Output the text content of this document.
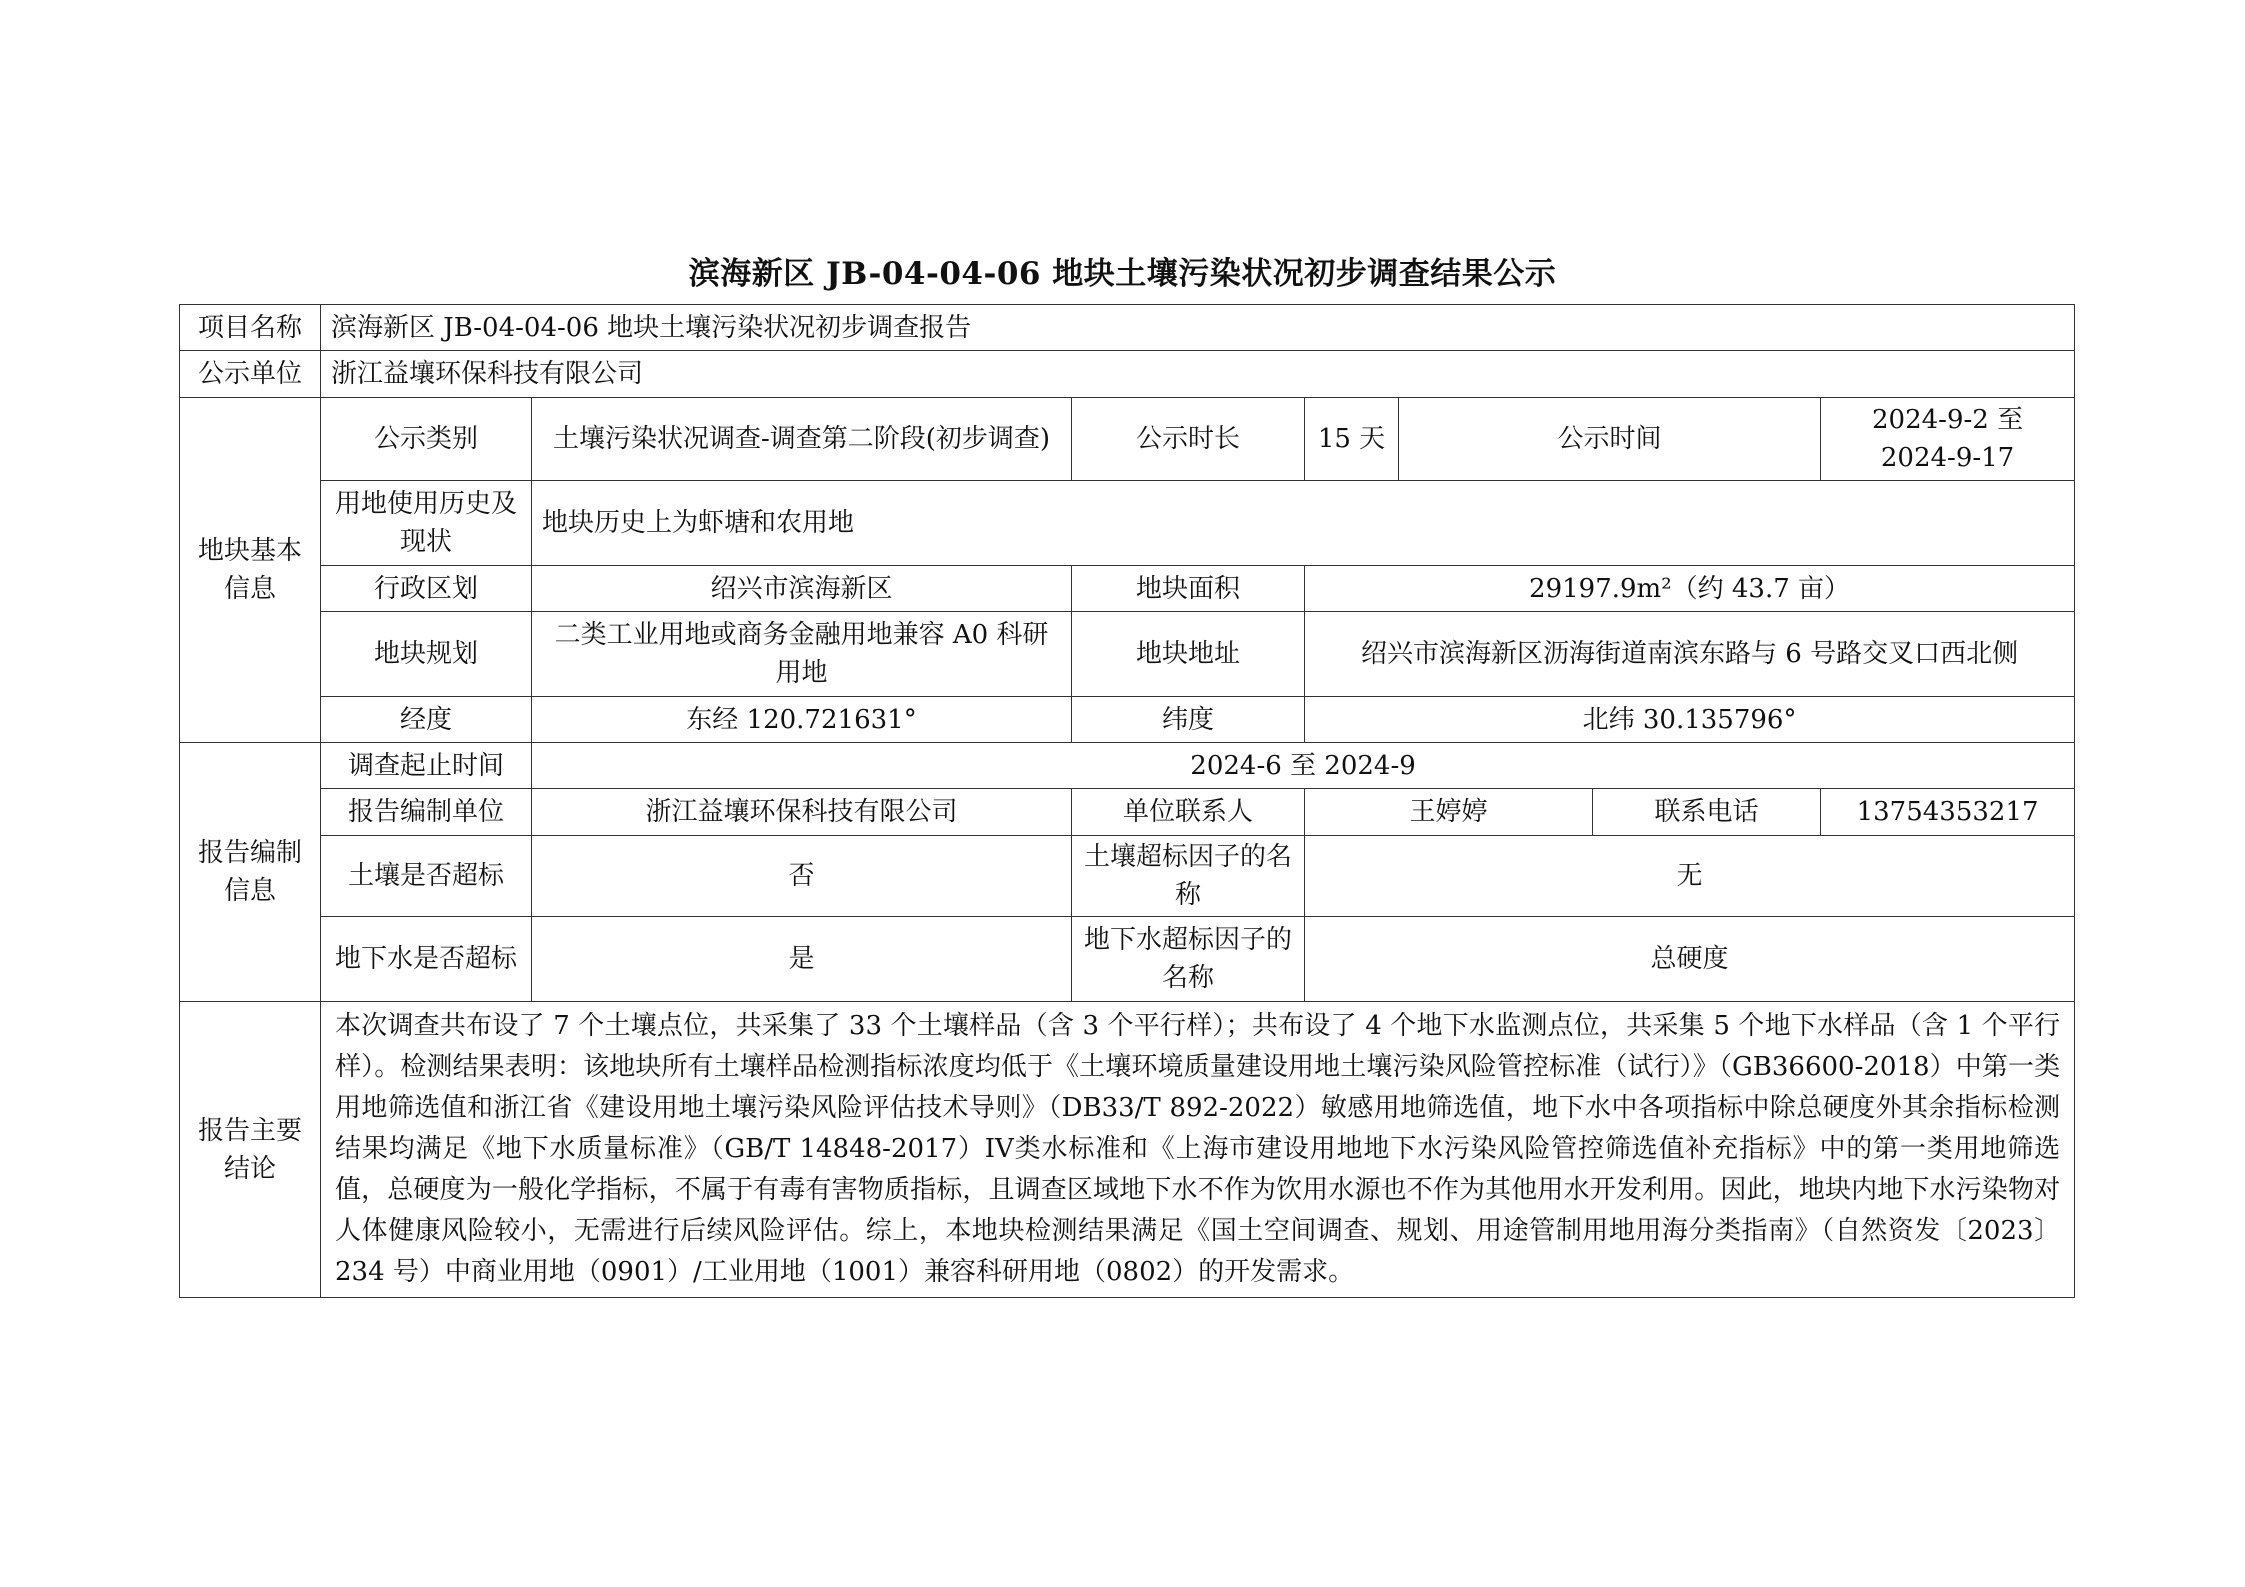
滨海新区 JB-04-04-06 地块土壤污染状况初步调查结果公示
项目名称	滨海新区 JB-04-04-06 地块土壤污染状况初步调查报告						
公示单位	浙江益壤环保科技有限公司						
地块基本信息	公示类别	土壤污染状况调查-调查第二阶段(初步调查)	公示时长	15 天	公示时间		2024-9-2 至 2024-9-17
	用地使用历史及现状	地块历史上为虾塘和农用地					
	行政区划	绍兴市滨海新区	地块面积	29197.9m²（约 43.7 亩）			
	地块规划	二类工业用地或商务金融用地兼容 A0 科研用地	地块地址	绍兴市滨海新区沥海街道南滨东路与 6 号路交叉口西北侧			
	经度	东经 120.721631°	纬度	北纬 30.135796°			
报告编制信息	调查起止时间	2024-6 至 2024-9					
	报告编制单位	浙江益壤环保科技有限公司	单位联系人	王婷婷		联系电话	13754353217
	土壤是否超标	否	土壤超标因子的名称	无			
	地下水是否超标	是	地下水超标因子的名称	总硬度			
报告主要结论	本次调查共布设了 7 个土壤点位，共采集了 33 个土壤样品（含 3 个平行样）；共布设了 4 个地下水监测点位，共采集 5 个地下水样品（含 1 个平行样）。检测结果表明：该地块所有土壤样品检测指标浓度均低于《土壤环境质量建设用地土壤污染风险管控标准（试行）》（GB36600-2018）中第一类用地筛选值和浙江省《建设用地土壤污染风险评估技术导则》（DB33/T 892-2022）敏感用地筛选值，地下水中各项指标中除总硬度外其余指标检测结果均满足《地下水质量标准》（GB/T 14848-2017）IV类水标准和《上海市建设用地地下水污染风险管控筛选值补充指标》中的第一类用地筛选值，总硬度为一般化学指标，不属于有毒有害物质指标，且调查区域地下水不作为饮用水源也不作为其他用水开发利用。因此，地块内地下水污染物对人体健康风险较小，无需进行后续风险评估。综上，本地块检测结果满足《国土空间调查、规划、用途管制用地用海分类指南》（自然资发〔2023〕234 号）中商业用地（0901）/工业用地（1001）兼容科研用地（0802）的开发需求。						
